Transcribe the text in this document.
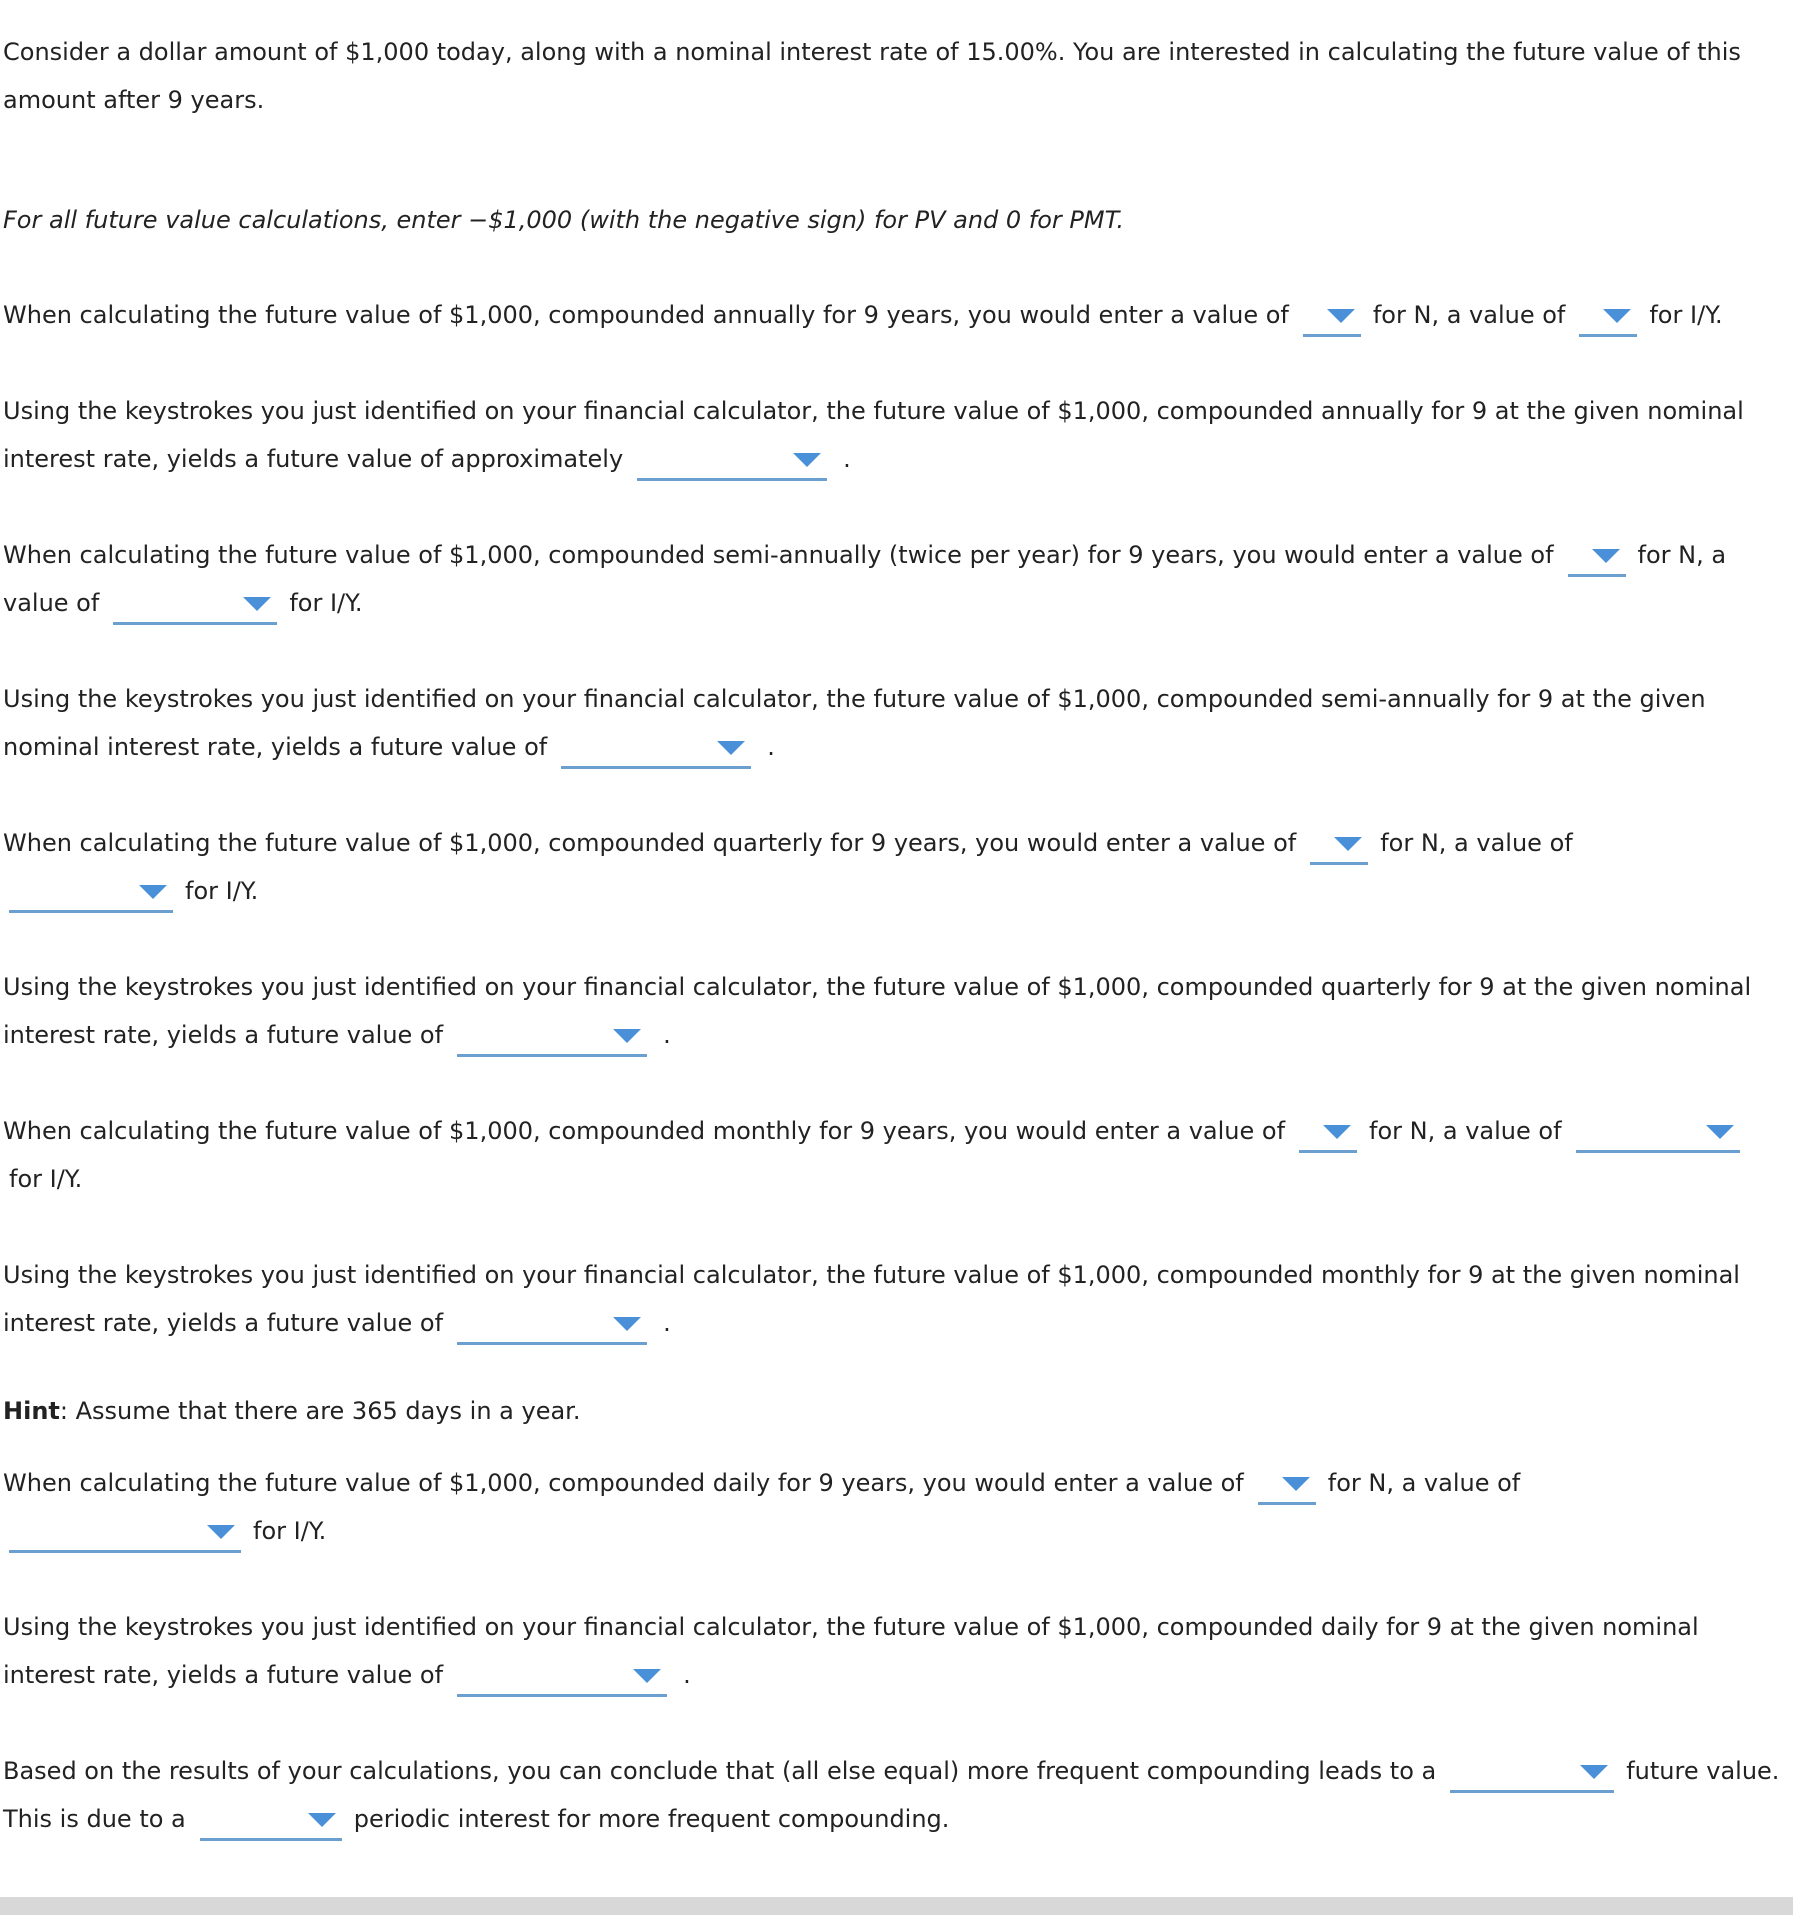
Consider a dollar amount of $1,000 today, along with a nominal interest rate of 15.00%. You are interested in calculating the future value of this
amount after 9 years.

For all future value calculations, enter −$1,000 (with the negative sign) for PV and 0 for PMT.

When calculating the future value of $1,000, compounded annually for 9 years, you would enter a value of	for N, a value of	for I/Y.

Using the keystrokes you just identified on your financial calculator, the future value of $1,000, compounded annually for 9 at the given nominal
interest rate, yields a future value of approximately	.

When calculating the future value of $1,000, compounded semi-annually (twice per year) for 9 years, you would enter a value of	for N, a
value of	for I/Y.

Using the keystrokes you just identified on your financial calculator, the future value of $1,000, compounded semi-annually for 9 at the given
nominal interest rate, yields a future value of	.

When calculating the future value of $1,000, compounded quarterly for 9 years, you would enter a value of	for N, a value of

for I/Y.

Using the keystrokes you just identified on your financial calculator, the future value of $1,000, compounded quarterly for 9 at the given nominal
interest rate, yields a future value of	.

When calculating the future value of $1,000, compounded monthly for 9 years, you would enter a value of	for N, a value of

for I/Y.

Using the keystrokes you just identified on your financial calculator, the future value of $1,000, compounded monthly for 9 at the given nominal
interest rate, yields a future value of	.

Hint: Assume that there are 365 days in a year.

When calculating the future value of $1,000, compounded daily for 9 years, you would enter a value of	for N, a value of

for I/Y.

Using the keystrokes you just identified on your financial calculator, the future value of $1,000, compounded daily for 9 at the given nominal
interest rate, yields a future value of	.

Based on the results of your calculations, you can conclude that (all else equal) more frequent compounding leads to a	future value.
This is due to a	periodic interest for more frequent compounding.
